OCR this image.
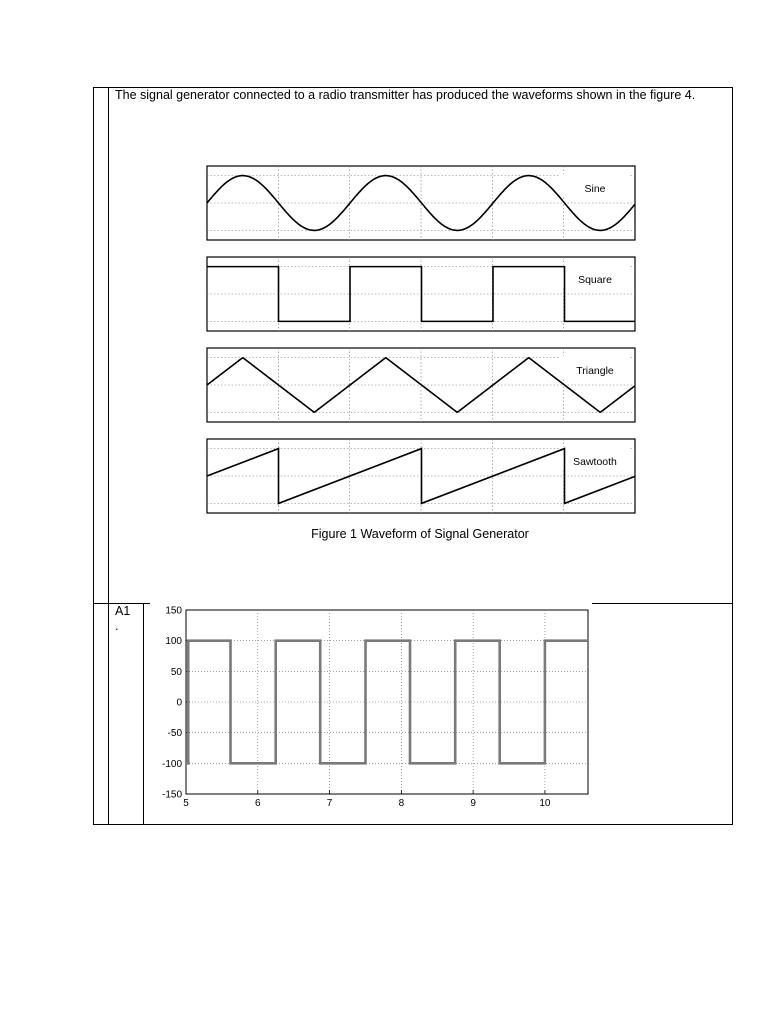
The signal generator connected to a radio transmitter has produced the waveforms shown in the figure 4.
Sine
Square
Triangle
Sawtooth
Figure 1 Waveform of Signal Generator
A1
.
5	6	7	8	9	10
150
100
50
0
-50
-100
-150
